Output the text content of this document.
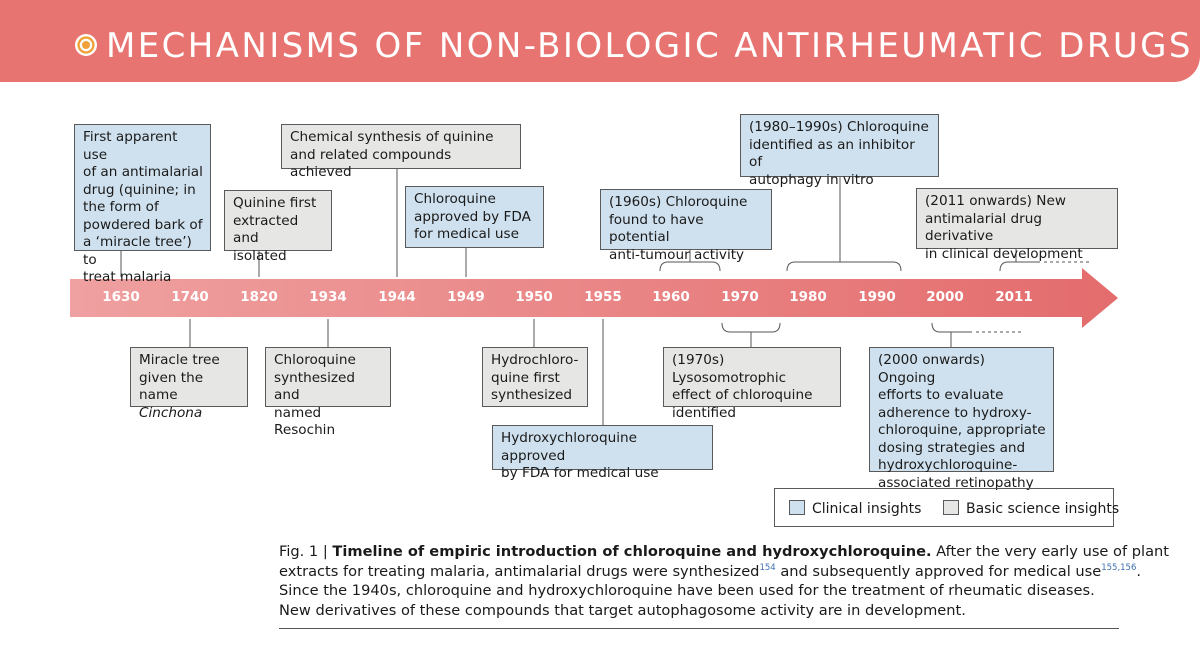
MECHANISMS OF NON-BIOLOGIC ANTIRHEUMATIC DRUGS
1630 1740 1820 1934 1944 1949 1950 1955 1960 1970 1980 1990 2000 2011
First apparent use
of an antimalarial
drug (quinine; in
the form of
powdered bark of
a ‘miracle tree’) to
treat malaria
Quinine first
extracted and
isolated
Chemical synthesis of quinine
and related compounds achieved
Chloroquine
approved by FDA
for medical use
(1960s) Chloroquine
found to have potential
anti-tumour activity
(1980–1990s) Chloroquine
identified as an inhibitor of
autophagy in vitro
(2011 onwards) New
antimalarial drug derivative
in clinical development
Miracle tree
given the name
Cinchona
Chloroquine
synthesized and
named Resochin
Hydrochloro-
quine first
synthesized
Hydroxychloroquine approved
by FDA for medical use
(1970s) Lysosomotrophic
effect of chloroquine
identified
(2000 onwards) Ongoing
efforts to evaluate
adherence to hydroxy-
chloroquine, appropriate
dosing strategies and
hydroxychloroquine-
associated retinopathy
Clinical insights	Basic science insights
Fig. 1 | Timeline of empiric introduction of chloroquine and hydroxychloroquine. After the very early use of plant
extracts for treating malaria, antimalarial drugs were synthesized$^{154}$ and subsequently approved for medical use$^{155,156}$.
Since the 1940s, chloroquine and hydroxychloroquine have been used for the treatment of rheumatic diseases.
New derivatives of these compounds that target autophagosome activity are in development.
